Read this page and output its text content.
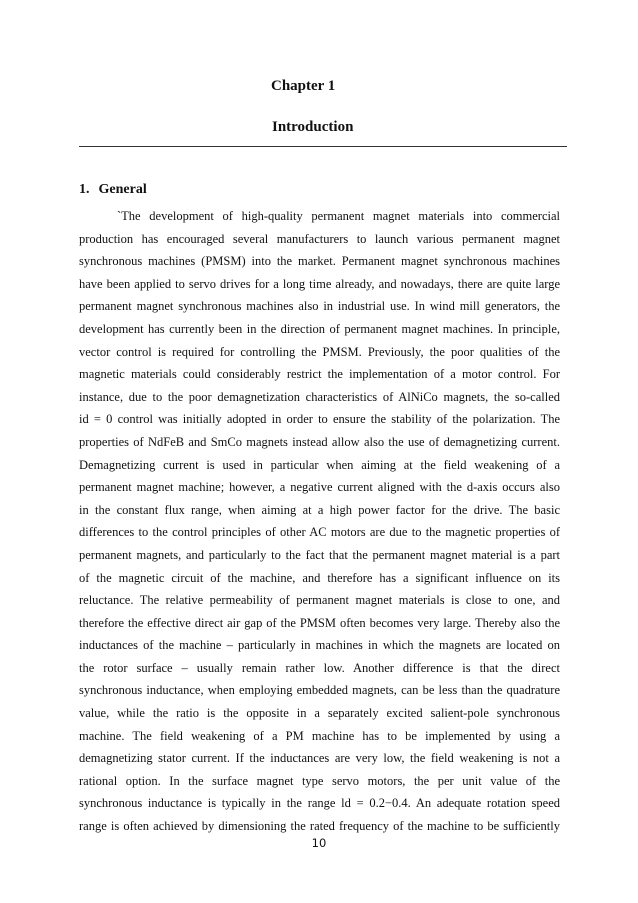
Chapter 1
Introduction
1. General
`The development of high-quality permanent magnet materials into commercial
production has encouraged several manufacturers to launch various permanent magnet
synchronous machines (PMSM) into the market. Permanent magnet synchronous machines
have been applied to servo drives for a long time already, and nowadays, there are quite large
permanent magnet synchronous machines also in industrial use. In wind mill generators, the
development has currently been in the direction of permanent magnet machines. In principle,
vector control is required for controlling the PMSM. Previously, the poor qualities of the
magnetic materials could considerably restrict the implementation of a motor control. For
instance, due to the poor demagnetization characteristics of AlNiCo magnets, the so-called
id = 0 control was initially adopted in order to ensure the stability of the polarization. The
properties of NdFeB and SmCo magnets instead allow also the use of demagnetizing current.
Demagnetizing current is used in particular when aiming at the field weakening of a
permanent magnet machine; however, a negative current aligned with the d-axis occurs also
in the constant flux range, when aiming at a high power factor for the drive. The basic
differences to the control principles of other AC motors are due to the magnetic properties of
permanent magnets, and particularly to the fact that the permanent magnet material is a part
of the magnetic circuit of the machine, and therefore has a significant influence on its
reluctance. The relative permeability of permanent magnet materials is close to one, and
therefore the effective direct air gap of the PMSM often becomes very large. Thereby also the
inductances of the machine – particularly in machines in which the magnets are located on
the rotor surface – usually remain rather low. Another difference is that the direct
synchronous inductance, when employing embedded magnets, can be less than the quadrature
value, while the ratio is the opposite in a separately excited salient-pole synchronous
machine. The field weakening of a PM machine has to be implemented by using a
demagnetizing stator current. If the inductances are very low, the field weakening is not a
rational option. In the surface magnet type servo motors, the per unit value of the
synchronous inductance is typically in the range ld = 0.2−0.4. An adequate rotation speed
range is often achieved by dimensioning the rated frequency of the machine to be sufficiently
10
